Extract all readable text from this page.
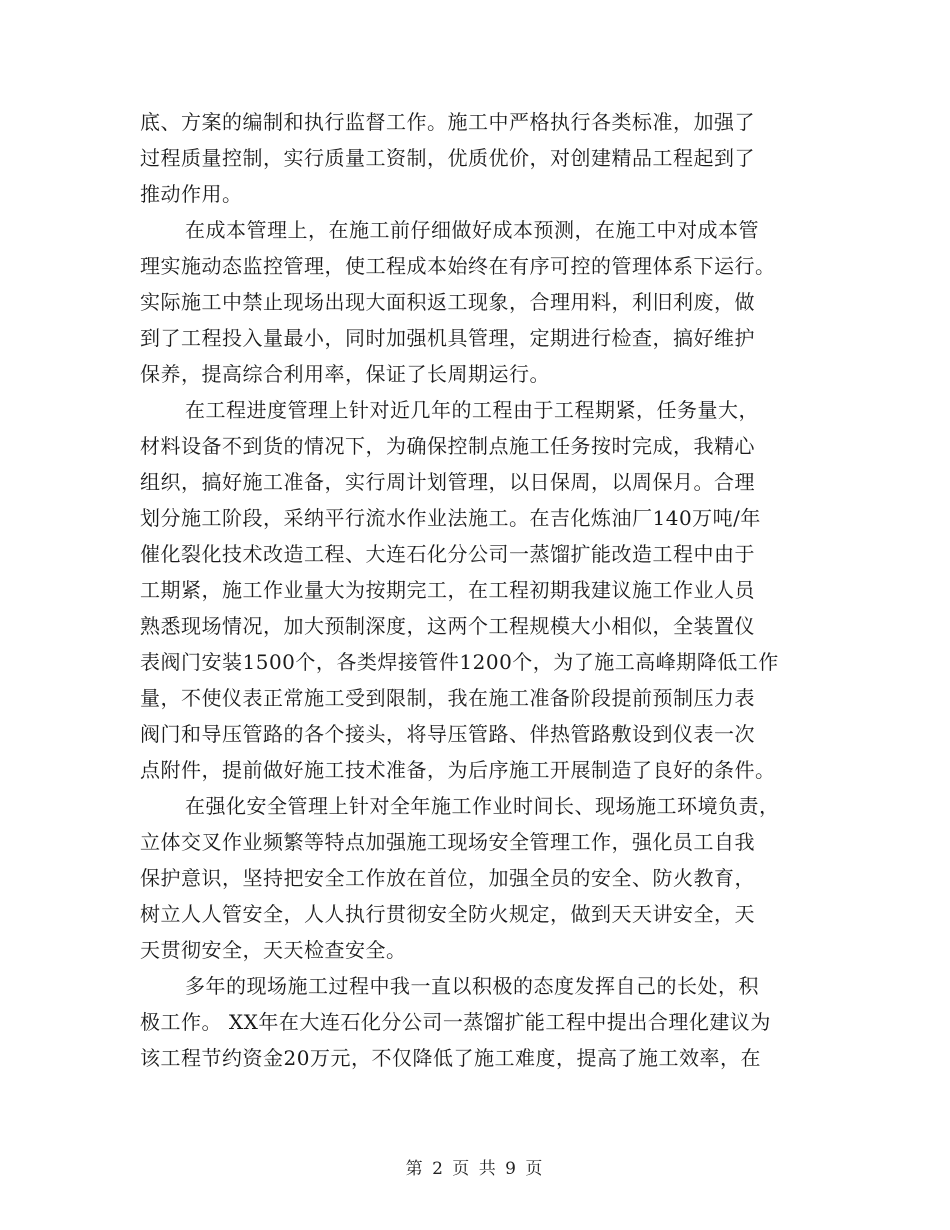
底、方案的编制和执行监督工作。施工中严格执行各类标准，加强了
过程质量控制，实行质量工资制，优质优价，对创建精品工程起到了
推动作用。
在成本管理上，在施工前仔细做好成本预测，在施工中对成本管
理实施动态监控管理，使工程成本始终在有序可控的管理体系下运行。
实际施工中禁止现场出现大面积返工现象，合理用料，利旧利废，做
到了工程投入量最小，同时加强机具管理，定期进行检查，搞好维护
保养，提高综合利用率，保证了长周期运行。
在工程进度管理上针对近几年的工程由于工程期紧，任务量大，
材料设备不到货的情况下，为确保控制点施工任务按时完成，我精心
组织，搞好施工准备，实行周计划管理，以日保周，以周保月。合理
划分施工阶段，采纳平行流水作业法施工。在吉化炼油厂140万吨/年
催化裂化技术改造工程、大连石化分公司一蒸馏扩能改造工程中由于
工期紧，施工作业量大为按期完工，在工程初期我建议施工作业人员
熟悉现场情况，加大预制深度，这两个工程规模大小相似，全装置仪
表阀门安装1500个，各类焊接管件1200个，为了施工高峰期降低工作
量，不使仪表正常施工受到限制，我在施工准备阶段提前预制压力表
阀门和导压管路的各个接头，将导压管路、伴热管路敷设到仪表一次
点附件，提前做好施工技术准备，为后序施工开展制造了良好的条件。
在强化安全管理上针对全年施工作业时间长、现场施工环境负责，
立体交叉作业频繁等特点加强施工现场安全管理工作，强化员工自我
保护意识，坚持把安全工作放在首位，加强全员的安全、防火教育，
树立人人管安全，人人执行贯彻安全防火规定，做到天天讲安全，天
天贯彻安全，天天检查安全。
多年的现场施工过程中我一直以积极的态度发挥自己的长处，积
极工作。 XX年在大连石化分公司一蒸馏扩能工程中提出合理化建议为
该工程节约资金20万元，不仅降低了施工难度，提高了施工效率，在
第 2 页 共 9 页
